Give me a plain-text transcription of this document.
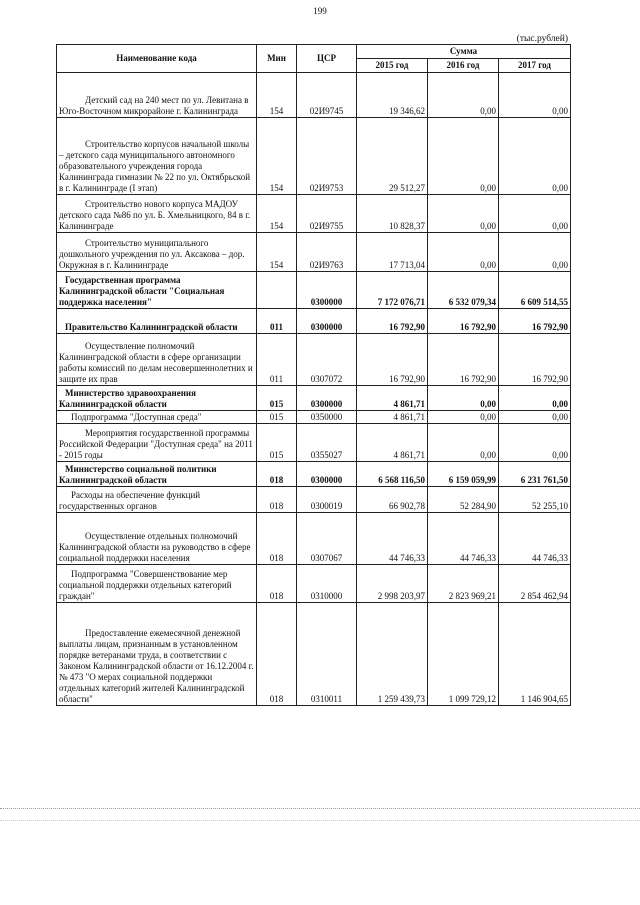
199
(тыс.рублей)
Наименование кода	Мин	ЦСР	Сумма		
			2015 год	2016 год	2017 год

Детский сад на 240 мест по ул. Левитана в Юго-Восточном микрорайоне г. Калининграда	154	02И9745	19 346,62	0,00	0,00

Строительство корпусов начальной школы – детского сада муниципального автономного образовательного учреждения города Калининграда гимназии № 22 по ул. Октябрьской в г. Калининграде (I этап)	154	02И9753	29 512,27	0,00	0,00

Строительство нового корпуса МАДОУ детского сада №86 по ул. Б. Хмельницкого, 84 в г. Калининграде	154	02И9755	10 828,37	0,00	0,00

Строительство муниципального дошкольного учреждения по ул. Аксакова – дор. Окружная в г. Калининграде	154	02И9763	17 713,04	0,00	0,00

Государственная программа Калининградской области "Социальная поддержка населения"		0300000	7 172 076,71	6 532 079,34	6 609 514,55

Правительство Калининградской области	011	0300000	16 792,90	16 792,90	16 792,90

Осуществление полномочий Калининградской области в сфере организации работы комиссий по делам несовершеннолетних и защите их прав	011	0307072	16 792,90	16 792,90	16 792,90

Министерство здравоохранения Калининградской области	015	0300000	4 861,71	0,00	0,00

Подпрограмма "Доступная среда"	015	0350000	4 861,71	0,00	0,00

Мероприятия государственной программы Российской Федерации "Доступная среда" на 2011 - 2015 годы	015	0355027	4 861,71	0,00	0,00

Министерство социальной политики Калининградской области	018	0300000	6 568 116,50	6 159 059,99	6 231 761,50

Расходы на обеспечение функций государственных органов	018	0300019	66 902,78	52 284,90	52 255,10

Осуществление отдельных полномочий Калининградской области на руководство в сфере социальной поддержки населения	018	0307067	44 746,33	44 746,33	44 746,33

Подпрограмма "Совершенствование мер социальной поддержки отдельных категорий граждан"	018	0310000	2 998 203,97	2 823 969,21	2 854 462,94

Предоставление ежемесячной денежной выплаты лицам, признанным в установленном порядке ветеранами труда, в соответствии с Законом Калининградской области от 16.12.2004 г. № 473 "О мерах социальной поддержки отдельных категорий жителей Калининградской области"	018	0310011	1 259 439,73	1 099 729,12	1 146 904,65
